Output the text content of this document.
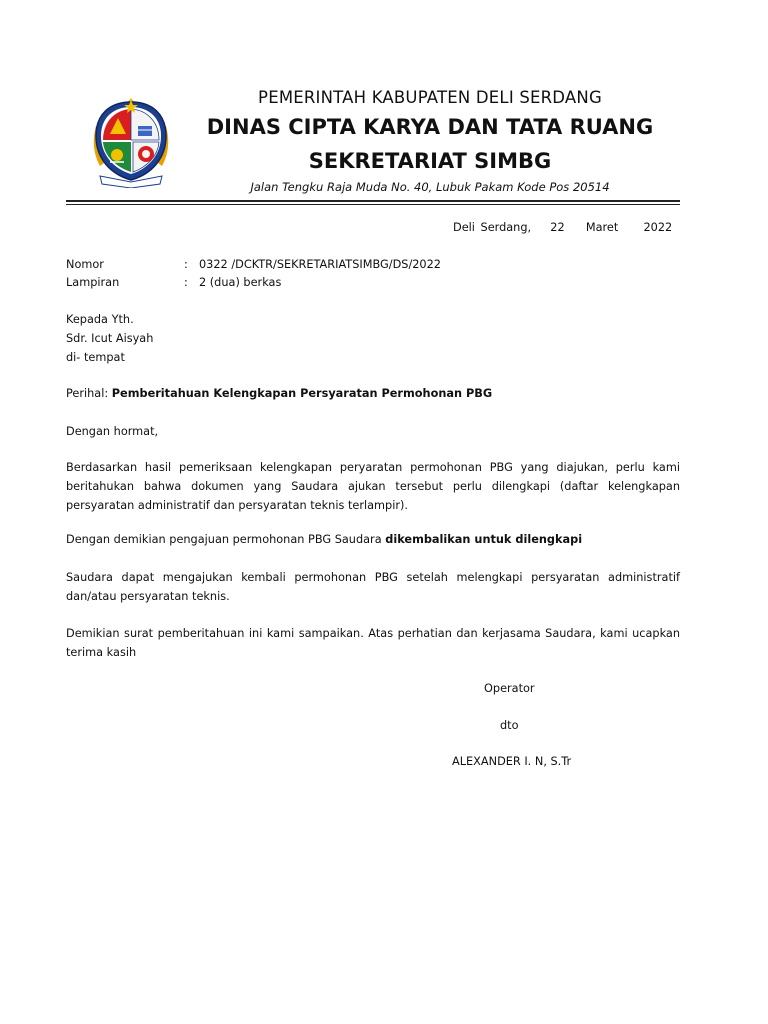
PEMERINTAH KABUPATEN DELI SERDANG
DINAS CIPTA KARYA DAN TATA RUANG
SEKRETARIAT SIMBG
Jalan Tengku Raja Muda No. 40, Lubuk Pakam Kode Pos 20514
Deli Serdang, 22 Maret 2022
Nomor	: 0322 /DCKTR/SEKRETARIATSIMBG/DS/2022
Lampiran	: 2 (dua) berkas
Kepada Yth.
Sdr. Icut Aisyah
di- tempat
Perihal: Pemberitahuan Kelengkapan Persyaratan Permohonan PBG
Dengan hormat,
Berdasarkan hasil pemeriksaan kelengkapan peryaratan permohonan PBG yang diajukan, perlu kami beritahukan bahwa dokumen yang Saudara ajukan tersebut perlu dilengkapi (daftar kelengkapan persyaratan administratif dan persyaratan teknis terlampir).
Dengan demikian pengajuan permohonan PBG Saudara dikembalikan untuk dilengkapi
Saudara dapat mengajukan kembali permohonan PBG setelah melengkapi persyaratan administratif dan/atau persyaratan teknis.
Demikian surat pemberitahuan ini kami sampaikan. Atas perhatian dan kerjasama Saudara, kami ucapkan terima kasih
Operator
dto
ALEXANDER I. N, S.Tr
